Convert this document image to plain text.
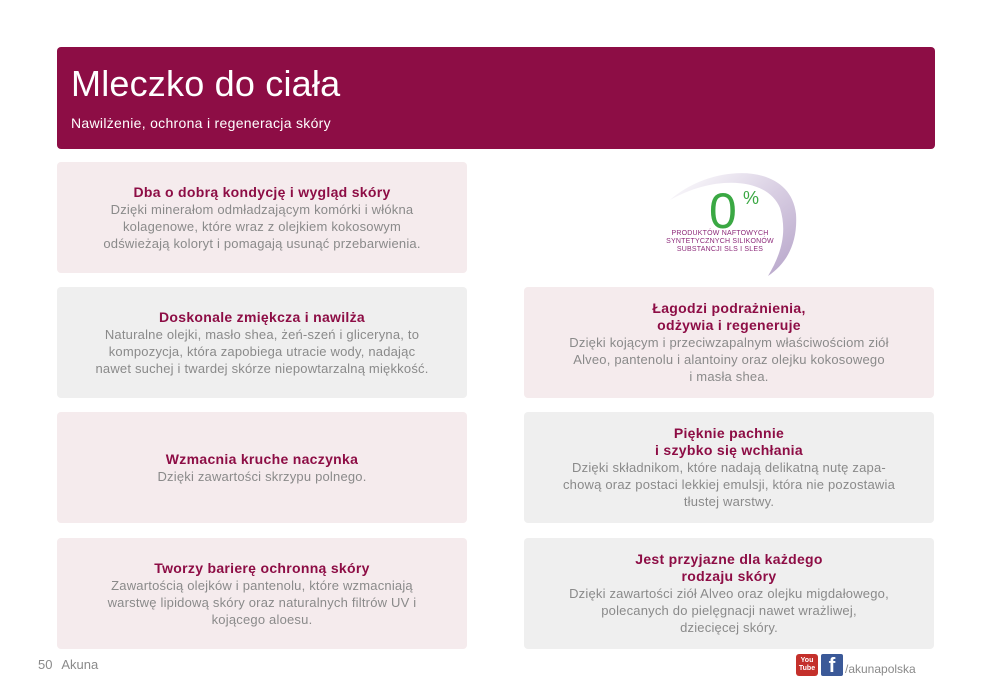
Mleczko do ciała
Nawilżenie, ochrona i regeneracja skóry
Dba o dobrą kondycję i wygląd skóry
Dzięki minerałom odmładzającym komórki i włókna
kolagenowe, które wraz z olejkiem kokosowym
odświeżają koloryt i pomagają usunąć przebarwienia.
Doskonale zmiękcza i nawilża
Naturalne olejki, masło shea, żeń-szeń i gliceryna, to
kompozycja, która zapobiega utracie wody, nadając
nawet suchej i twardej skórze niepowtarzalną miękkość.
Wzmacnia kruche naczynka
Dzięki zawartości skrzypu polnego.
Tworzy barierę ochronną skóry
Zawartością olejków i pantenolu, które wzmacniają
warstwę lipidową skóry oraz naturalnych filtrów UV i
kojącego aloesu.
0 %
PRODUKTÓW NAFTOWYCH
SYNTETYCZNYCH SILIKONÓW
SUBSTANCJI SLS I SLES
Łagodzi podrażnienia,
odżywia i regeneruje
Dzięki kojącym i przeciwzapalnym właściwościom ziół
Alveo, pantenolu i alantoiny oraz olejku kokosowego
i masła shea.
Pięknie pachnie
i szybko się wchłania
Dzięki składnikom, które nadają delikatną nutę zapa-
chową oraz postaci lekkiej emulsji, która nie pozostawia
tłustej warstwy.
Jest przyjazne dla każdego
rodzaju skóry
Dzięki zawartości ziół Alveo oraz olejku migdałowego,
polecanych do pielęgnacji nawet wrażliwej,
dziecięcej skóry.
50 Akuna	You
Tube f /akunapolska
